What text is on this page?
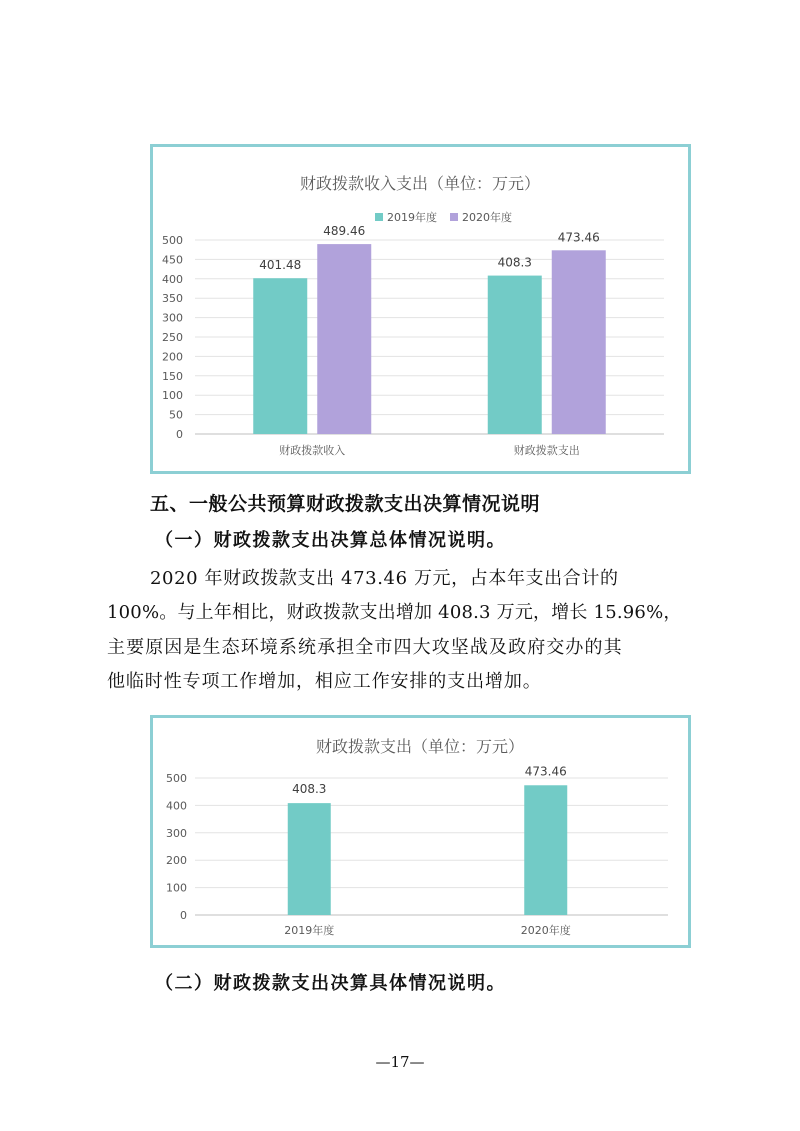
财政拨款收入支出（单位：万元）
2019年度 2020年度
0
50
100
150
200
250
300
350
400
450
500
401.48
489.46
财政拨款收入
408.3
473.46
财政拨款支出
五、一般公共预算财政拨款支出决算情况说明
（一）财政拨款支出决算总体情况说明。
2020 年财政拨款支出 473.46 万元，占本年支出合计的
100%。与上年相比，财政拨款支出增加 408.3 万元，增长 15.96%，
主要原因是生态环境系统承担全市四大攻坚战及政府交办的其
他临时性专项工作增加，相应工作安排的支出增加。
财政拨款支出（单位：万元）
0
100
200
300
400
500
408.3
2019年度
473.46
2020年度
（二）财政拨款支出决算具体情况说明。
—17—
